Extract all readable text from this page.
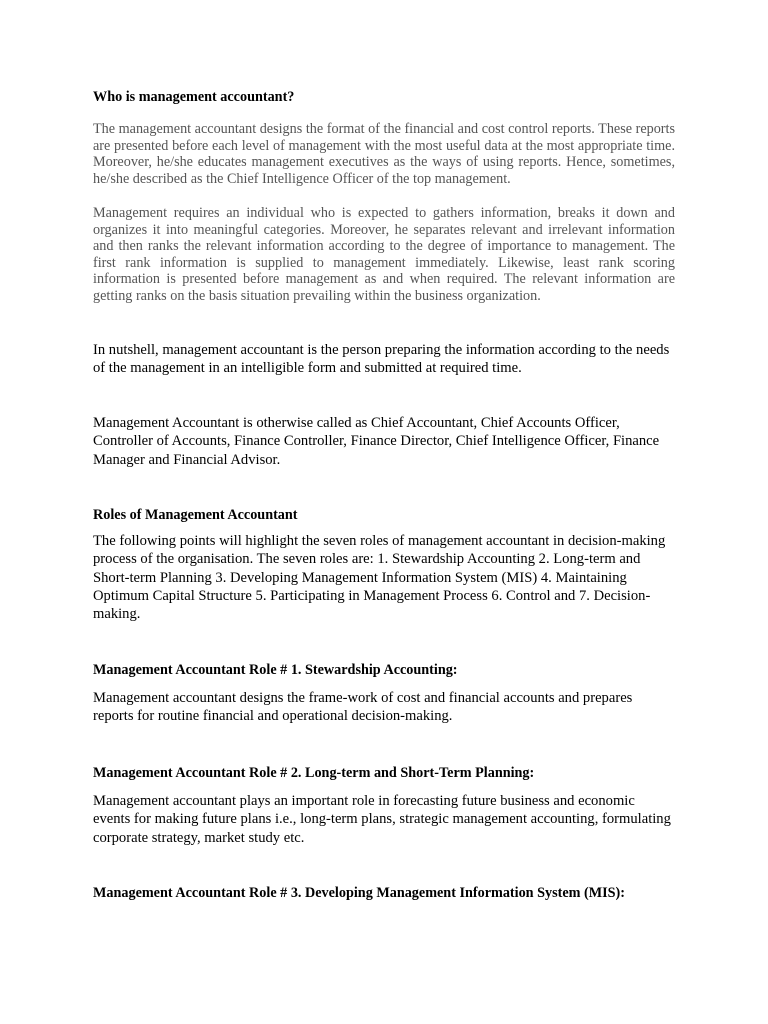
Who is management accountant?

The management accountant designs the format of the financial and cost control reports. These reports are presented before each level of management with the most useful data at the most appropriate time. Moreover, he/she educates management executives as the ways of using reports. Hence, sometimes, he/she described as the Chief Intelligence Officer of the top management.

Management requires an individual who is expected to gathers information, breaks it down and organizes it into meaningful categories. Moreover, he separates relevant and irrelevant information and then ranks the relevant information according to the degree of importance to management. The first rank information is supplied to management immediately. Likewise, least rank scoring information is presented before management as and when required. The relevant information are getting ranks on the basis situation prevailing within the business organization.

In nutshell, management accountant is the person preparing the information according to the needs of the management in an intelligible form and submitted at required time.

Management Accountant is otherwise called as Chief Accountant, Chief Accounts Officer, Controller of Accounts, Finance Controller, Finance Director, Chief Intelligence Officer, Finance Manager and Financial Advisor.

Roles of Management Accountant

The following points will highlight the seven roles of management accountant in decision-making process of the organisation. The seven roles are: 1. Stewardship Accounting 2. Long-term and Short-term Planning 3. Developing Management Information System (MIS) 4. Maintaining Optimum Capital Structure 5. Participating in Management Process 6. Control and 7. Decision-making.

Management Accountant Role # 1. Stewardship Accounting:

Management accountant designs the frame-work of cost and financial accounts and prepares reports for routine financial and operational decision-making.

Management Accountant Role # 2. Long-term and Short-Term Planning:

Management accountant plays an important role in forecasting future business and economic events for making future plans i.e., long-term plans, strategic management accounting, formulating corporate strategy, market study etc.

Management Accountant Role # 3. Developing Management Information System (MIS):
